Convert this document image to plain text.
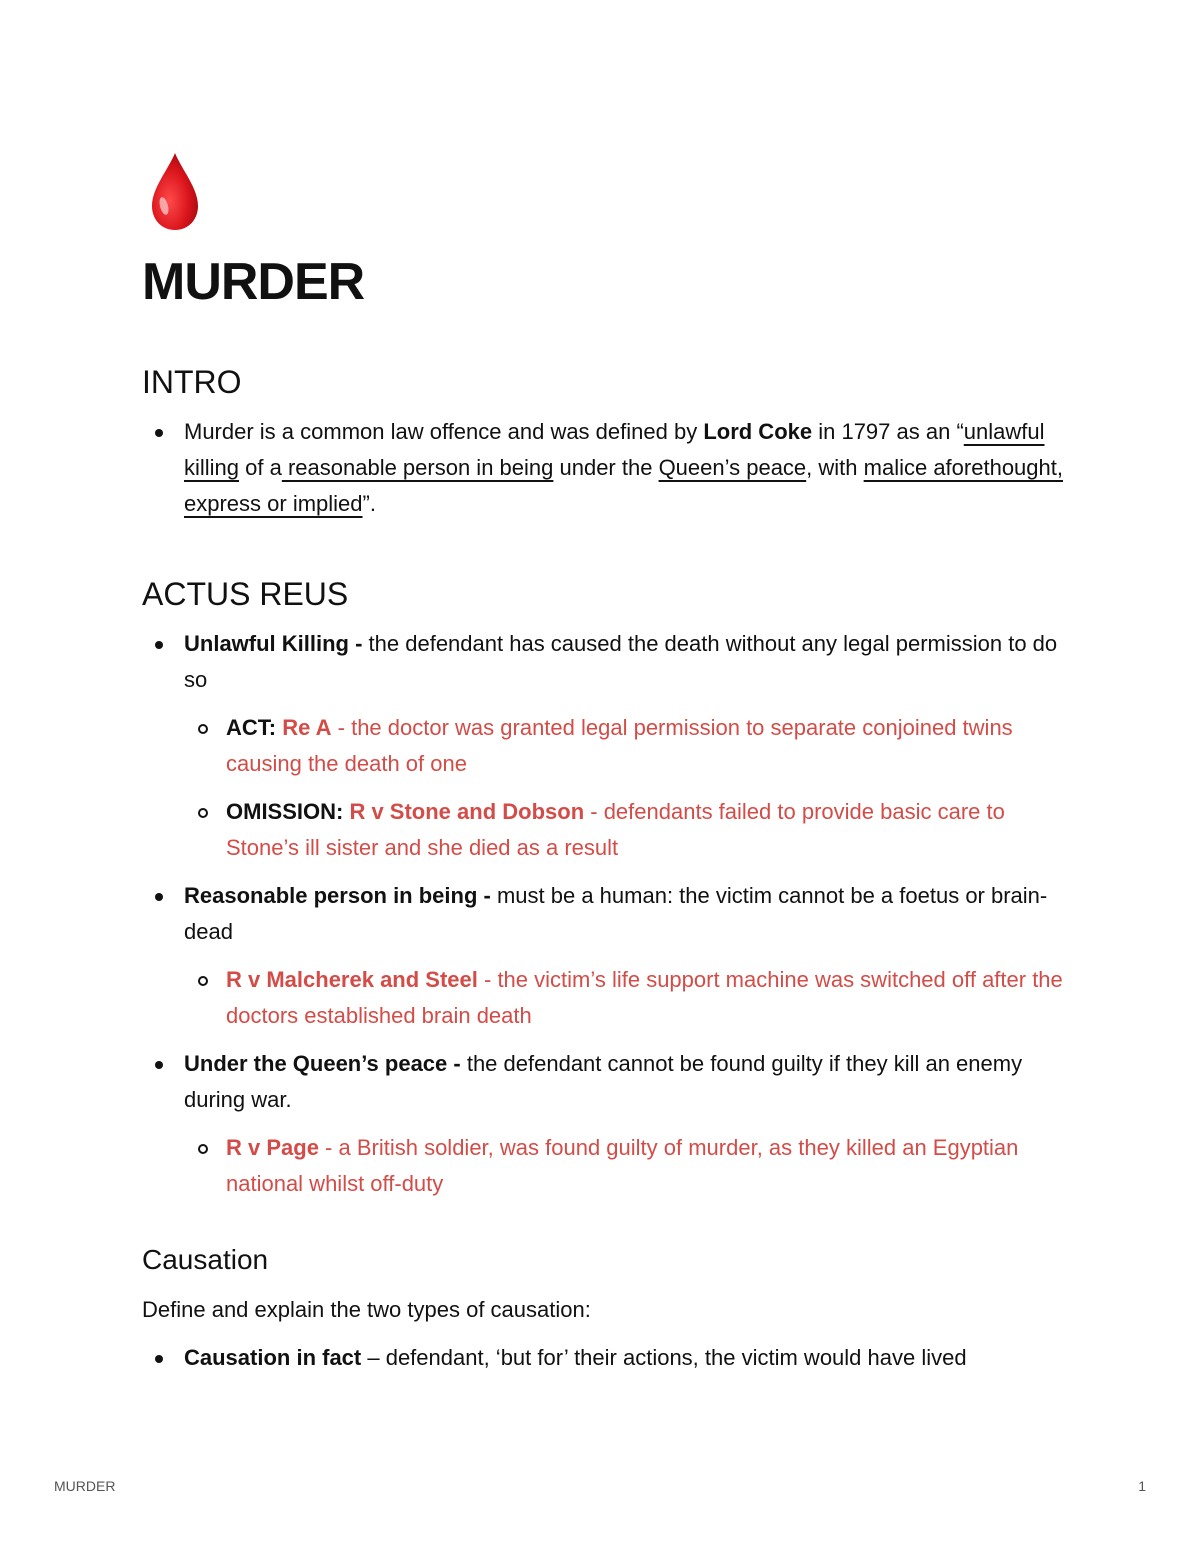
MURDER
INTRO
Murder is a common law offence and was defined by Lord Coke in 1797 as an “unlawful killing of a reasonable person in being under the Queen’s peace, with malice aforethought, express or implied”.
ACTUS REUS
Unlawful Killing - the defendant has caused the death without any legal permission to do so
ACT: Re A - the doctor was granted legal permission to separate conjoined twins causing the death of one
OMISSION: R v Stone and Dobson - defendants failed to provide basic care to Stone’s ill sister and she died as a result
Reasonable person in being - must be a human: the victim cannot be a foetus or brain-dead
R v Malcherek and Steel - the victim’s life support machine was switched off after the doctors established brain death
Under the Queen’s peace - the defendant cannot be found guilty if they kill an enemy during war.
R v Page - a British soldier, was found guilty of murder, as they killed an Egyptian national whilst off-duty
Causation

Define and explain the two types of causation:

Causation in fact – defendant, ‘but for’ their actions, the victim would have lived
MURDER	1
